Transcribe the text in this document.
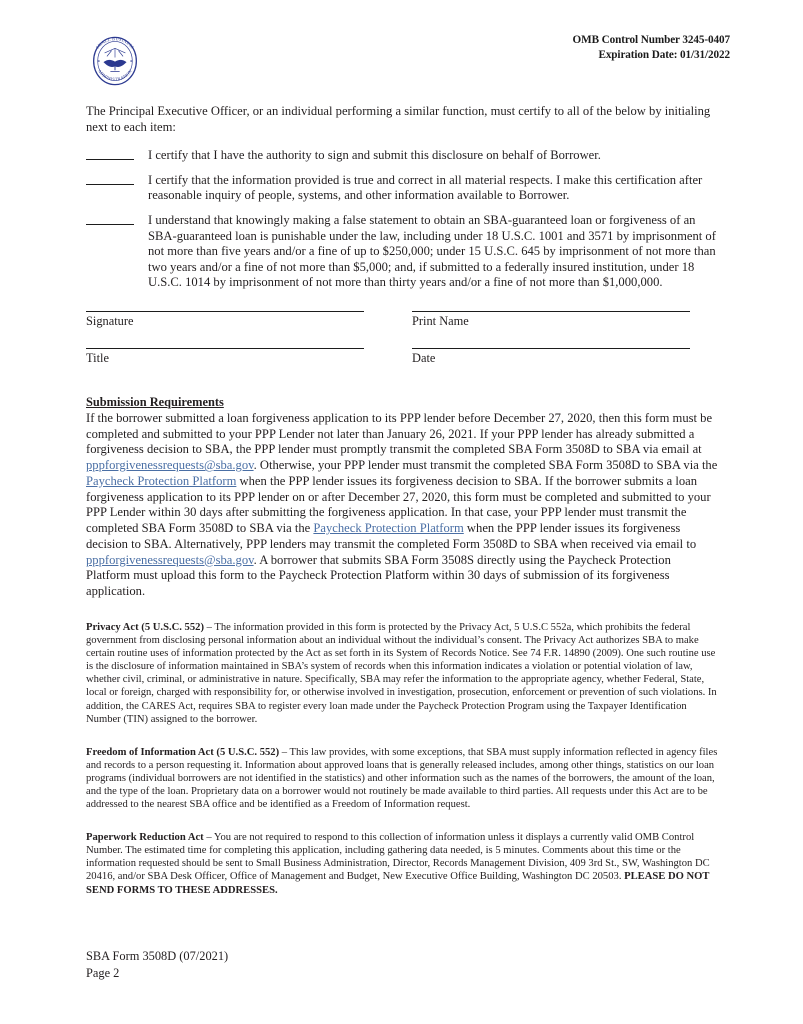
SMALL BUSINESS
ADMINISTRATION
OMB Control Number 3245-0407
Expiration Date: 01/31/2022

The Principal Executive Officer, or an individual performing a similar function, must certify to all of the below by initialing next to each item:

I certify that I have the authority to sign and submit this disclosure on behalf of Borrower.
I certify that the information provided is true and correct in all material respects. I make this certification after reasonable inquiry of people, systems, and other information available to Borrower.
I understand that knowingly making a false statement to obtain an SBA-guaranteed loan or forgiveness of an SBA-guaranteed loan is punishable under the law, including under 18 U.S.C. 1001 and 3571 by imprisonment of not more than five years and/or a fine of up to $250,000; under 15 U.S.C. 645 by imprisonment of not more than two years and/or a fine of not more than $5,000; and, if submitted to a federally insured institution, under 18 U.S.C. 1014 by imprisonment of not more than thirty years and/or a fine of not more than $1,000,000.
Signature	Print Name
Title	Date
Submission Requirements

If the borrower submitted a loan forgiveness application to its PPP lender before December 27, 2020, then this form must be completed and submitted to your PPP Lender not later than January 26, 2021. If your PPP lender has already submitted a forgiveness decision to SBA, the PPP lender must promptly transmit the completed SBA Form 3508D to SBA via email at pppforgivenessrequests@sba.gov. Otherwise, your PPP lender must transmit the completed SBA Form 3508D to SBA via the Paycheck Protection Platform when the PPP lender issues its forgiveness decision to SBA. If the borrower submits a loan forgiveness application to its PPP lender on or after December 27, 2020, this form must be completed and submitted to your PPP Lender within 30 days after submitting the forgiveness application. In that case, your PPP lender must transmit the completed SBA Form 3508D to SBA via the Paycheck Protection Platform when the PPP lender issues its forgiveness decision to SBA. Alternatively, PPP lenders may transmit the completed Form 3508D to SBA when received via email to pppforgivenessrequests@sba.gov. A borrower that submits SBA Form 3508S directly using the Paycheck Protection Platform must upload this form to the Paycheck Protection Platform within 30 days of submission of its forgiveness application.

Privacy Act (5 U.S.C. 552) – The information provided in this form is protected by the Privacy Act, 5 U.S.C 552a, which prohibits the federal government from disclosing personal information about an individual without the individual’s consent. The Privacy Act authorizes SBA to make certain routine uses of information protected by the Act as set forth in its System of Records Notice. See 74 F.R. 14890 (2009). One such routine use is the disclosure of information maintained in SBA’s system of records when this information indicates a violation or potential violation of law, whether civil, criminal, or administrative in nature. Specifically, SBA may refer the information to the appropriate agency, whether Federal, State, local or foreign, charged with responsibility for, or otherwise involved in investigation, prosecution, enforcement or prevention of such violations. In addition, the CARES Act, requires SBA to register every loan made under the Paycheck Protection Program using the Taxpayer Identification Number (TIN) assigned to the borrower.

Freedom of Information Act (5 U.S.C. 552) – This law provides, with some exceptions, that SBA must supply information reflected in agency files and records to a person requesting it. Information about approved loans that is generally released includes, among other things, statistics on our loan programs (individual borrowers are not identified in the statistics) and other information such as the names of the borrowers, the amount of the loan, and the type of the loan. Proprietary data on a borrower would not routinely be made available to third parties. All requests under this Act are to be addressed to the nearest SBA office and be identified as a Freedom of Information request.

Paperwork Reduction Act – You are not required to respond to this collection of information unless it displays a currently valid OMB Control Number. The estimated time for completing this application, including gathering data needed, is 5 minutes. Comments about this time or the information requested should be sent to Small Business Administration, Director, Records Management Division, 409 3rd St., SW, Washington DC 20416, and/or SBA Desk Officer, Office of Management and Budget, New Executive Office Building, Washington DC 20503. PLEASE DO NOT SEND FORMS TO THESE ADDRESSES.

SBA Form 3508D (07/2021)
Page 2
